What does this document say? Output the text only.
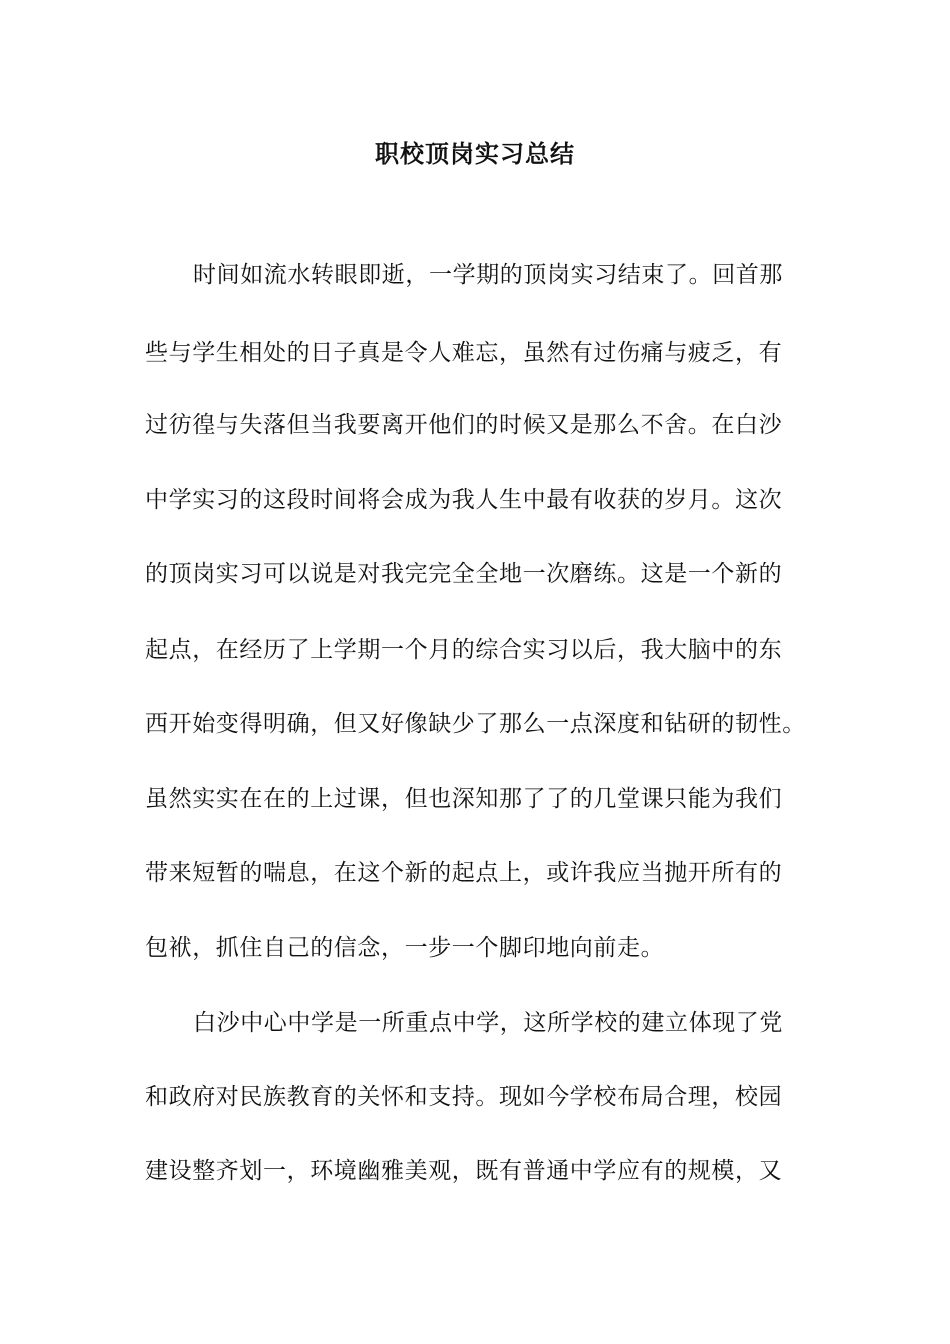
职校顶岗实习总结
时间如流水转眼即逝，一学期的顶岗实习结束了。回首那
些与学生相处的日子真是令人难忘，虽然有过伤痛与疲乏，有
过彷徨与失落但当我要离开他们的时候又是那么不舍。在白沙
中学实习的这段时间将会成为我人生中最有收获的岁月。这次
的顶岗实习可以说是对我完完全全地一次磨练。这是一个新的
起点，在经历了上学期一个月的综合实习以后，我大脑中的东
西开始变得明确，但又好像缺少了那么一点深度和钻研的韧性。
虽然实实在在的上过课，但也深知那了了的几堂课只能为我们
带来短暂的喘息，在这个新的起点上，或许我应当抛开所有的
包袱，抓住自己的信念，一步一个脚印地向前走。
白沙中心中学是一所重点中学，这所学校的建立体现了党
和政府对民族教育的关怀和支持。现如今学校布局合理，校园
建设整齐划一，环境幽雅美观，既有普通中学应有的规模，又
